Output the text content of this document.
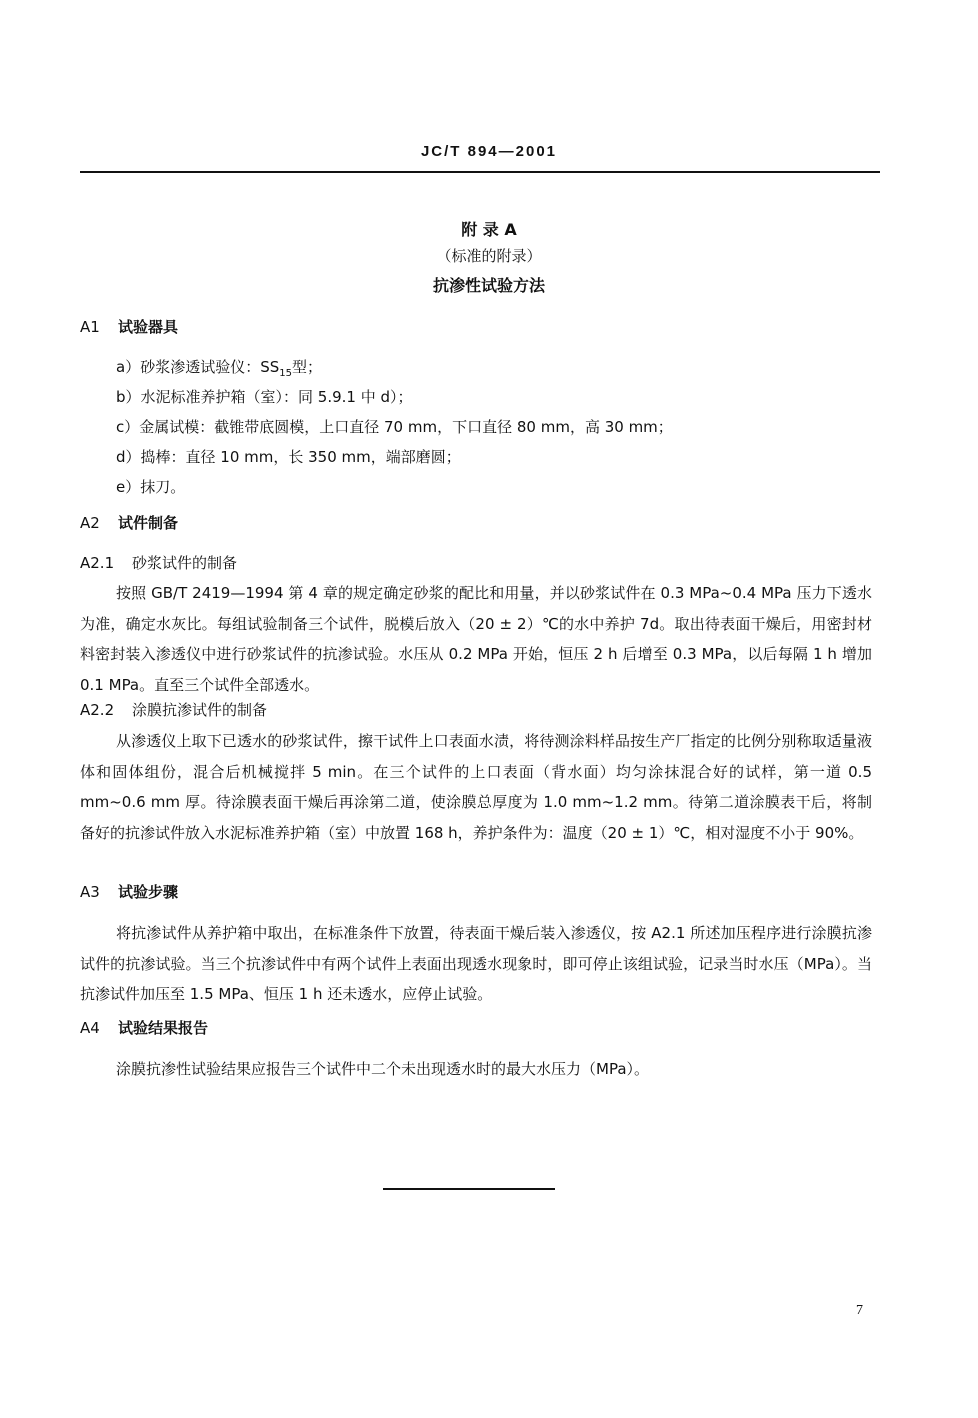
JC/T 894—2001
附 录 A
（标准的附录）
抗渗性试验方法
A1 试验器具
a）砂浆渗透试验仪：$SS_{15}$型；
b）水泥标准养护箱（室）：同 5.9.1 中 d）；
c）金属试模：截锥带底圆模，上口直径 70 mm，下口直径 80 mm，高 30 mm；
d）捣棒：直径 10 mm，长 350 mm，端部磨圆；
e）抹刀。
A2 试件制备
A2.1 砂浆试件的制备
按照 GB/T 2419—1994 第 4 章的规定确定砂浆的配比和用量，并以砂浆试件在 0.3 MPa~0.4 MPa 压力下透水为准，确定水灰比。每组试验制备三个试件，脱模后放入（20 ± 2）℃的水中养护 7d。取出待表面干燥后，用密封材料密封装入渗透仪中进行砂浆试件的抗渗试验。水压从 0.2 MPa 开始，恒压 2 h 后增至 0.3 MPa，以后每隔 1 h 增加 0.1 MPa。直至三个试件全部透水。
A2.2 涂膜抗渗试件的制备
从渗透仪上取下已透水的砂浆试件，擦干试件上口表面水渍，将待测涂料样品按生产厂指定的比例分别称取适量液体和固体组份，混合后机械搅拌 5 min。在三个试件的上口表面（背水面）均匀涂抹混合好的试样，第一道 0.5 mm~0.6 mm 厚。待涂膜表面干燥后再涂第二道，使涂膜总厚度为 1.0 mm~1.2 mm。待第二道涂膜表干后，将制备好的抗渗试件放入水泥标准养护箱（室）中放置 168 h，养护条件为：温度（20 ± 1）℃，相对湿度不小于 90%。
A3 试验步骤
将抗渗试件从养护箱中取出，在标准条件下放置，待表面干燥后装入渗透仪，按 A2.1 所述加压程序进行涂膜抗渗试件的抗渗试验。当三个抗渗试件中有两个试件上表面出现透水现象时，即可停止该组试验，记录当时水压（MPa）。当抗渗试件加压至 1.5 MPa、恒压 1 h 还未透水，应停止试验。
A4 试验结果报告
涂膜抗渗性试验结果应报告三个试件中二个未出现透水时的最大水压力（MPa）。
7
